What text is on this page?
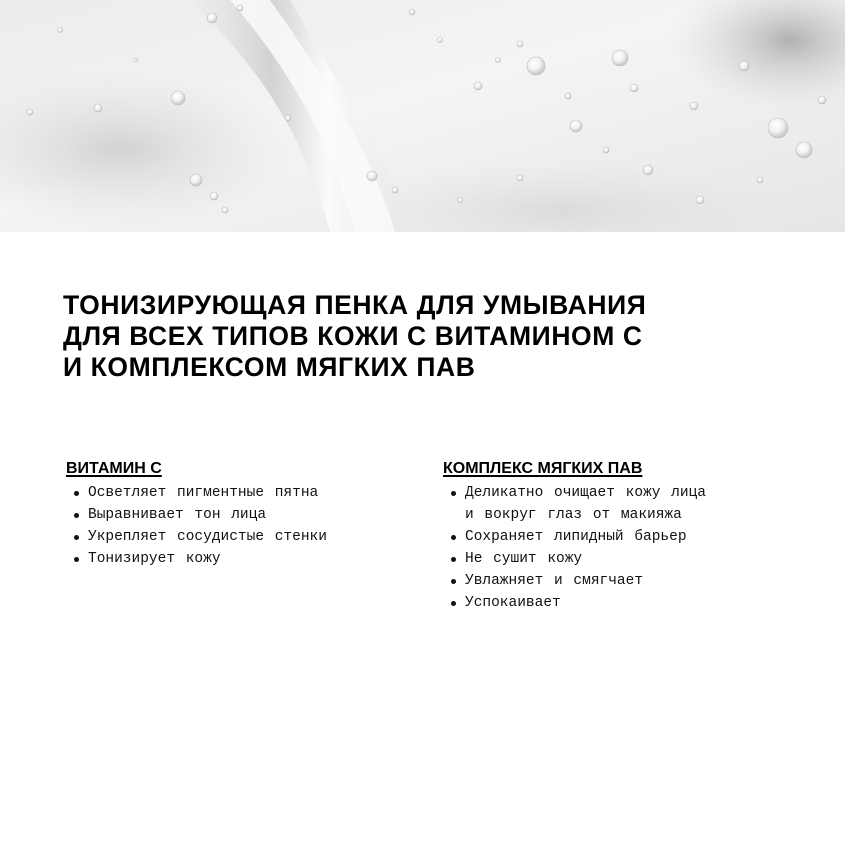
ТОНИЗИРУЮЩАЯ ПЕНКА ДЛЯ УМЫВАНИЯ
ДЛЯ ВСЕХ ТИПОВ КОЖИ С ВИТАМИНОМ С
И КОМПЛЕКСОМ МЯГКИХ ПАВ
ВИТАМИН С
Осветляет пигментные пятна
Выравнивает тон лица
Укрепляет сосудистые стенки
Тонизирует кожу
КОМПЛЕКС МЯГКИХ ПАВ
Деликатно очищает кожу лица
и вокруг глаз от макияжа
Сохраняет липидный барьер
Не сушит кожу
Увлажняет и смягчает
Успокаивает
